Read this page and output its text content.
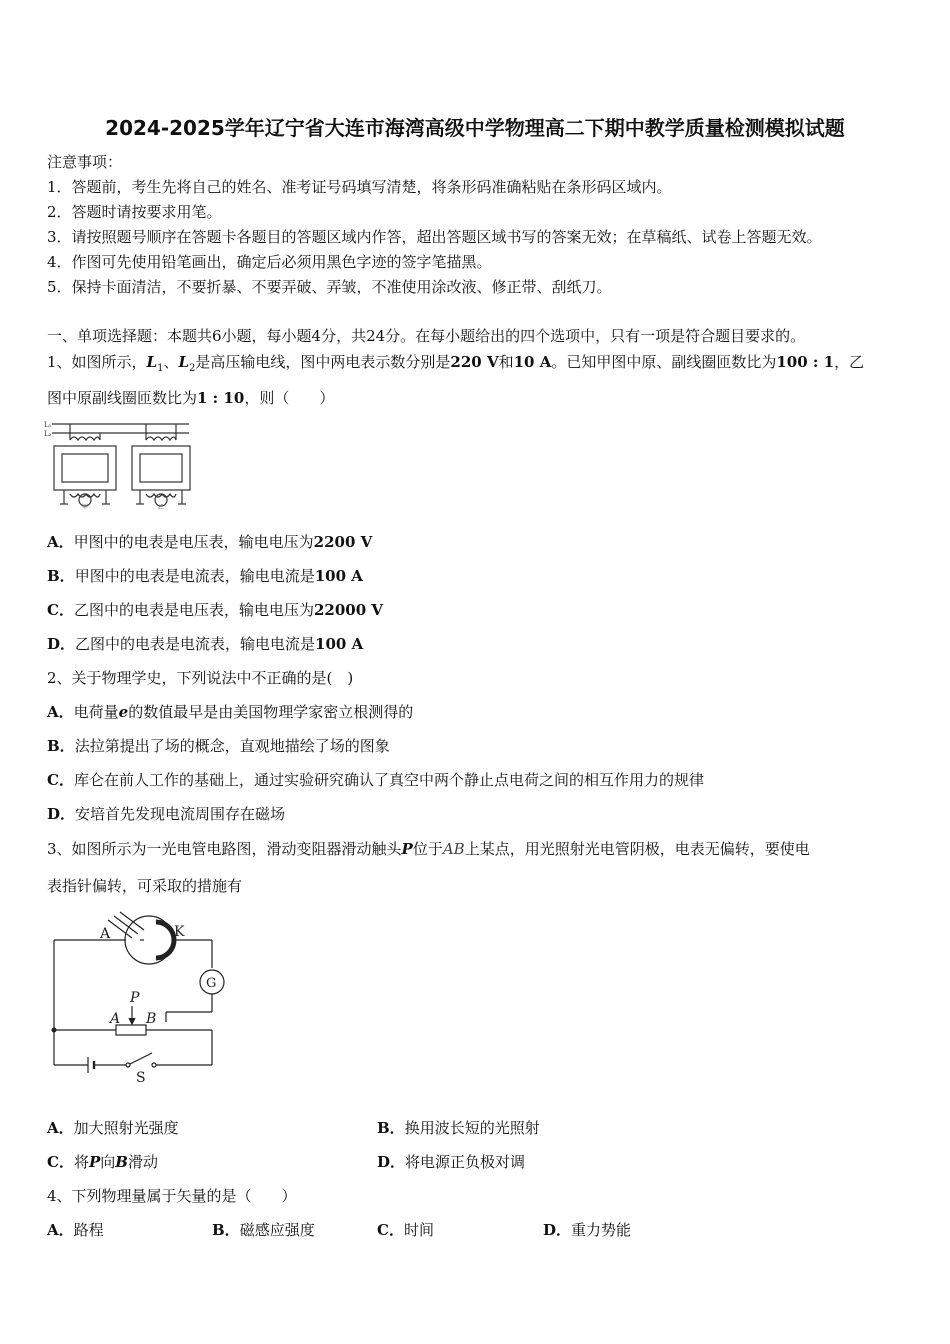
2024-2025学年辽宁省大连市海湾高级中学物理高二下期中教学质量检测模拟试题
注意事项：
1．答题前，考生先将自己的姓名、准考证号码填写清楚，将条形码准确粘贴在条形码区域内。
2．答题时请按要求用笔。
3．请按照题号顺序在答题卡各题目的答题区域内作答，超出答题区域书写的答案无效；在草稿纸、试卷上答题无效。
4．作图可先使用铅笔画出，确定后必须用黑色字迹的签字笔描黑。
5．保持卡面清洁，不要折暴、不要弄破、弄皱，不准使用涂改液、修正带、刮纸刀。
一、单项选择题：本题共6小题，每小题4分，共24分。在每小题给出的四个选项中，只有一项是符合题目要求的。
1、如图所示，$L_1$、$L_2$是高压输电线，图中两电表示数分别是220 V和10 A。已知甲图中原、副线圈匝数比为100 : 1，乙
图中原副线圈匝数比为1 : 10，则（　　）
L₁
L₂
甲	乙
A．甲图中的电表是电压表，输电电压为2200 V
B．甲图中的电表是电流表，输电电流是100 A
C．乙图中的电表是电压表，输电电压为22000 V
D．乙图中的电表是电流表，输电电流是100 A
2、关于物理学史，下列说法中不正确的是(　)
A．电荷量e的数值最早是由美国物理学家密立根测得的
B．法拉第提出了场的概念，直观地描绘了场的图象
C．库仑在前人工作的基础上，通过实验研究确认了真空中两个静止点电荷之间的相互作用力的规律
D．安培首先发现电流周围存在磁场
3、如图所示为一光电管电路图，滑动变阻器滑动触头P位于AB上某点，用光照射光电管阴极，电表无偏转，要使电
表指针偏转，可采取的措施有
A	K
G
P
A B
S
A．加大照射光强度	B．换用波长短的光照射
C．将P向B滑动	D．将电源正负极对调
4、下列物理量属于矢量的是（　　）
A．路程	B．磁感应强度	C．时间	D．重力势能
